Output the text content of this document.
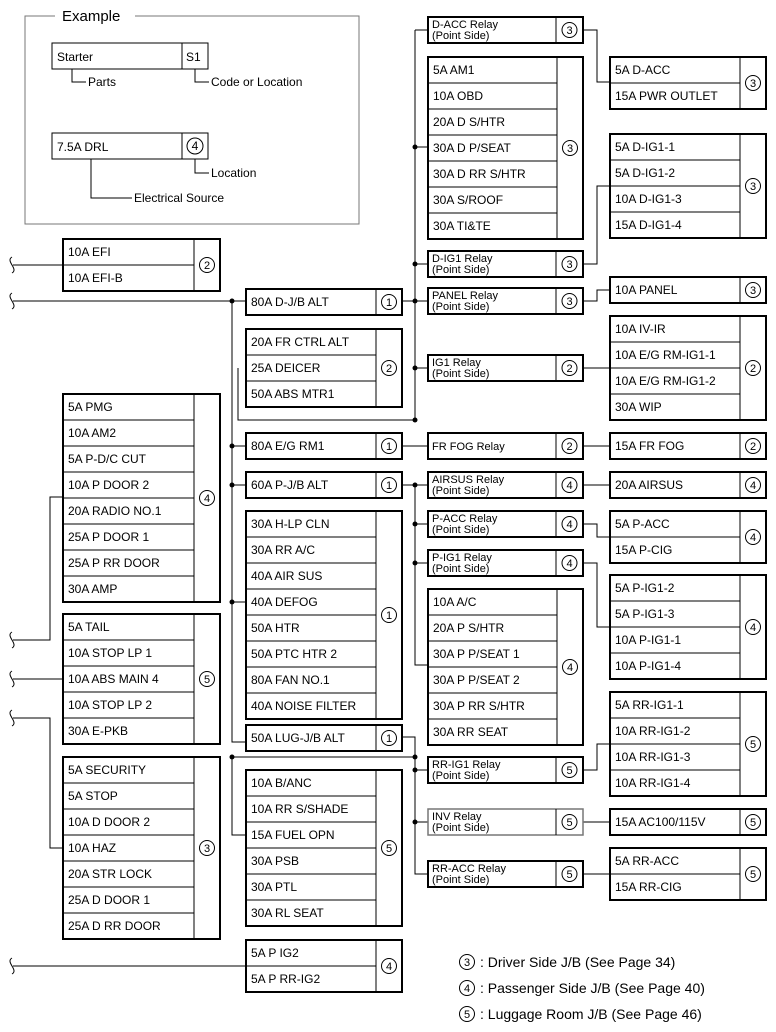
Example
Starter	S1
Parts	Code or Location
7.5A DRL	4
Location
Electrical Source
10A EFI
10A EFI-B
2
D-ACC Relay
(Point Side)	3
5A D-ACC
15A PWR OUTLET
3
5A AM1
10A OBD
20A D S/HTR
30A D P/SEAT
30A D RR S/HTR
30A S/ROOF
30A TI&TE
3	5A D-IG1-1
5A D-IG1-2
10A D-IG1-3
15A D-IG1-4
3
D-IG1 Relay
(Point Side)	3
80A D-J/B ALT	1
PANEL Relay
(Point Side)	3
10A PANEL	3
20A FR CTRL ALT
25A DEICER
50A ABS MTR1
2	IG1 Relay
(Point Side)	2
10A IV-IR
10A E/G RM-IG1-1
10A E/G RM-IG1-2
30A WIP
2
5A PMG
10A AM2
5A P-D/C CUT
10A P DOOR 2
20A RADIO NO.1
25A P DOOR 1
25A P RR DOOR
30A AMP
4
80A E/G RM1	1	FR FOG Relay	2	15A FR FOG	2
60A P-J/B ALT	1	AIRSUS Relay
(Point Side)	4	20A AIRSUS	4
30A H-LP CLN
30A RR A/C
40A AIR SUS
40A DEFOG
50A HTR
50A PTC HTR 2
80A FAN NO.1
40A NOISE FILTER
1
P-ACC Relay
(Point Side)	4	5A P-ACC
15A P-CIG
4
P-IG1 Relay
(Point Side)	4
5A P-IG1-2
5A P-IG1-3
10A P-IG1-1
10A P-IG1-4
4
10A A/C
20A P S/HTR
30A P P/SEAT 1
30A P P/SEAT 2
30A P RR S/HTR
30A RR SEAT
4
5A TAIL
10A STOP LP 1
10A ABS MAIN 4
10A STOP LP 2
30A E-PKB
5
50A LUG-J/B ALT	1
RR-IG1 Relay
(Point Side)	5
5A RR-IG1-1
10A RR-IG1-2
10A RR-IG1-3
10A RR-IG1-4
5
5A SECURITY
5A STOP
10A D DOOR 2
10A HAZ
20A STR LOCK
25A D DOOR 1
25A D RR DOOR
3
10A B/ANC
10A RR S/SHADE
15A FUEL OPN
30A PSB
30A PTL
30A RL SEAT
5
INV Relay
(Point Side)	5	15A AC100/115V	5
RR-ACC Relay
(Point Side)	5
5A RR-ACC
15A RR-CIG
5
5A P IG2
5A P RR-IG2
4	3 : Driver Side J/B (See Page 34)
4 : Passenger Side J/B (See Page 40)
5 : Luggage Room J/B (See Page 46)
